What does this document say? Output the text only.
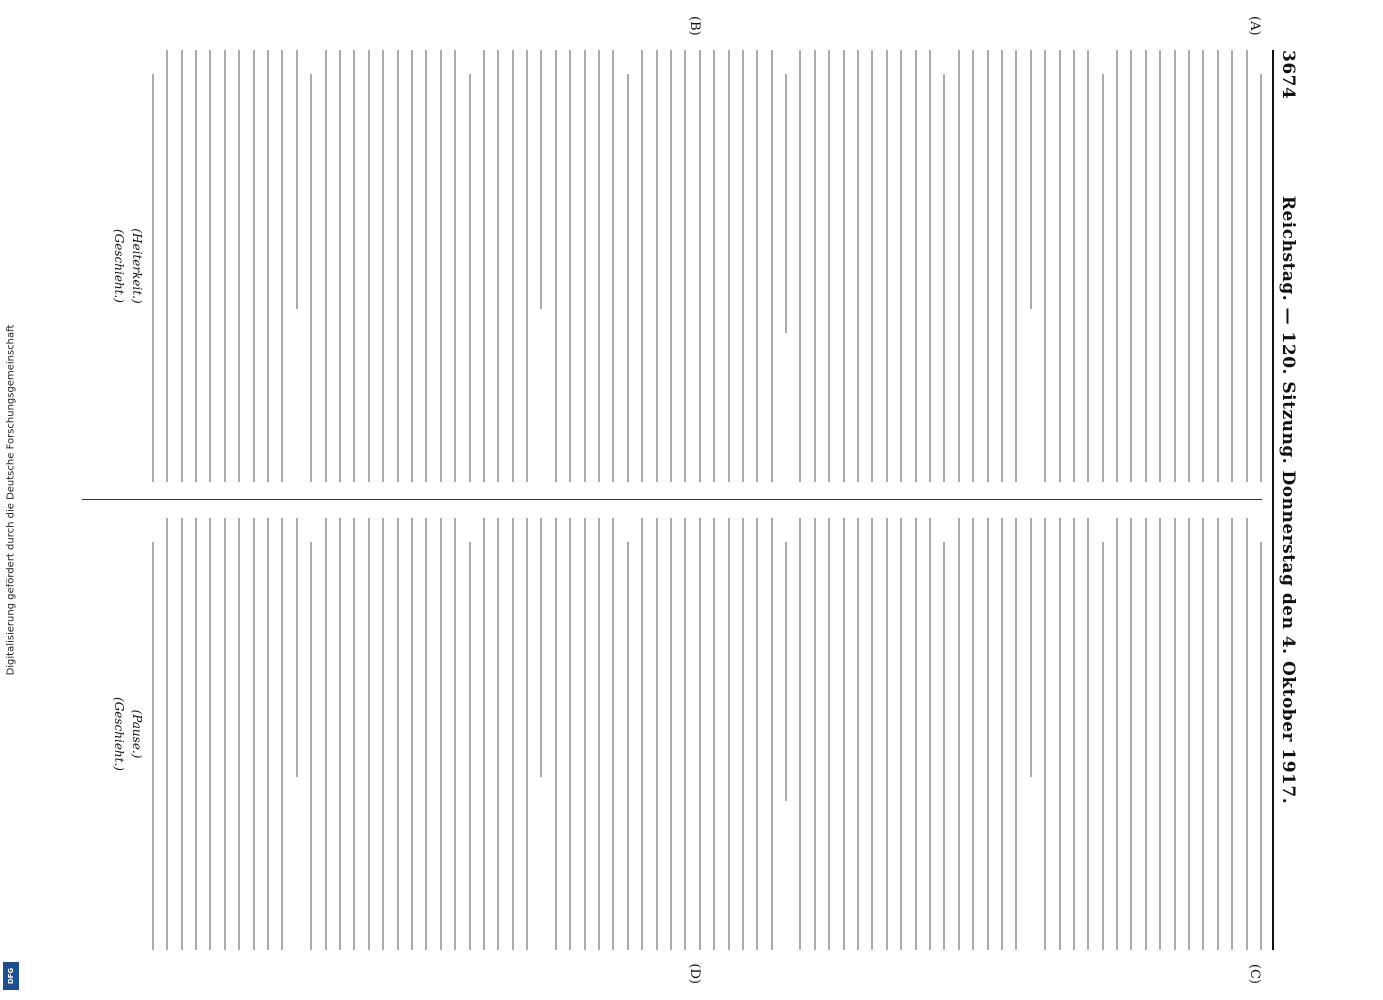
Digitalisierung gefördert durch die Deutsche Forschungsgemeinschaft
DFG
3674
Reichstag. — 120. Sitzung. Donnerstag den 4. Oktober 1917.
(A)
(B)
(Heiterkeit.)
(Geschieht.)
(C)
(D)
(Pause.)
(Geschieht.)
